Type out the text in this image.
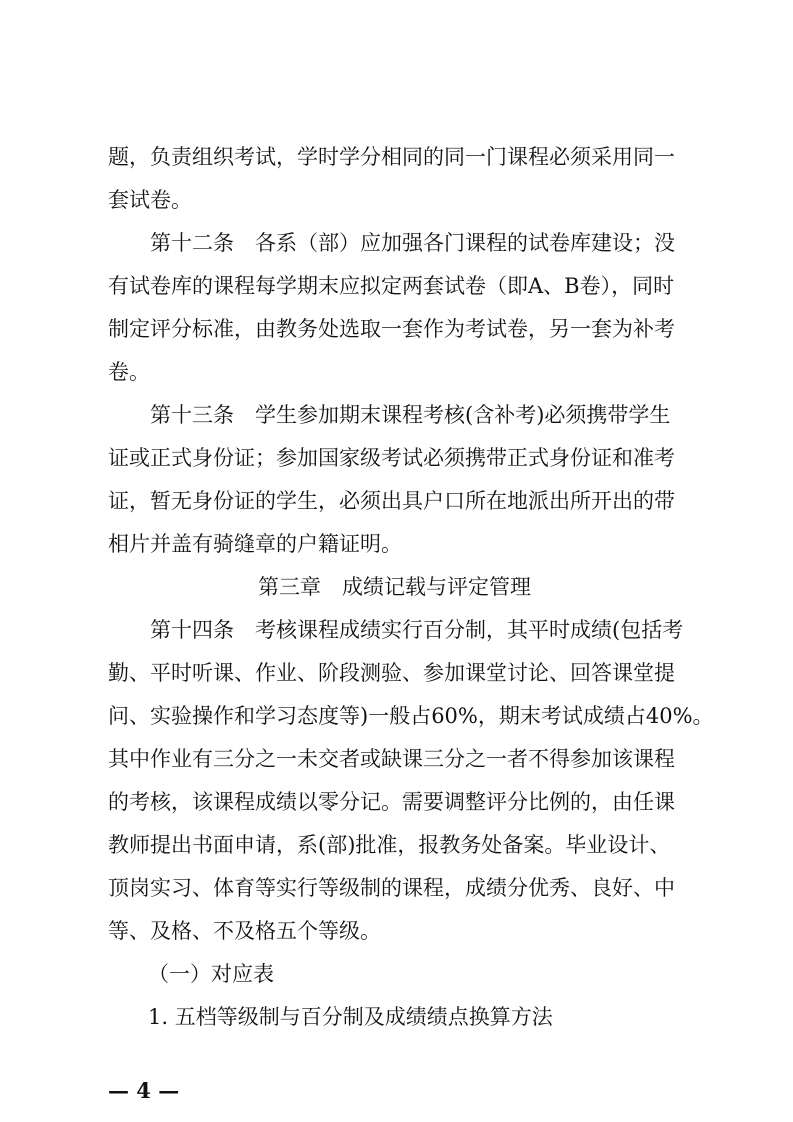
题，负责组织考试，学时学分相同的同一门课程必须采用同一
套试卷。
第十二条　各系（部）应加强各门课程的试卷库建设；没
有试卷库的课程每学期末应拟定两套试卷（即A、B卷），同时
制定评分标准，由教务处选取一套作为考试卷，另一套为补考
卷。
第十三条　学生参加期末课程考核(含补考)必须携带学生
证或正式身份证；参加国家级考试必须携带正式身份证和准考
证，暂无身份证的学生，必须出具户口所在地派出所开出的带
相片并盖有骑缝章的户籍证明。
第三章　成绩记载与评定管理
第十四条　考核课程成绩实行百分制，其平时成绩(包括考
勤、平时听课、作业、阶段测验、参加课堂讨论、回答课堂提
问、实验操作和学习态度等)一般占60%，期末考试成绩占40%。
其中作业有三分之一未交者或缺课三分之一者不得参加该课程
的考核，该课程成绩以零分记。需要调整评分比例的，由任课
教师提出书面申请，系(部)批准，报教务处备案。毕业设计、
顶岗实习、体育等实行等级制的课程，成绩分优秀、良好、中
等、及格、不及格五个等级。
（一）对应表
1. 五档等级制与百分制及成绩绩点换算方法
— 4 —
